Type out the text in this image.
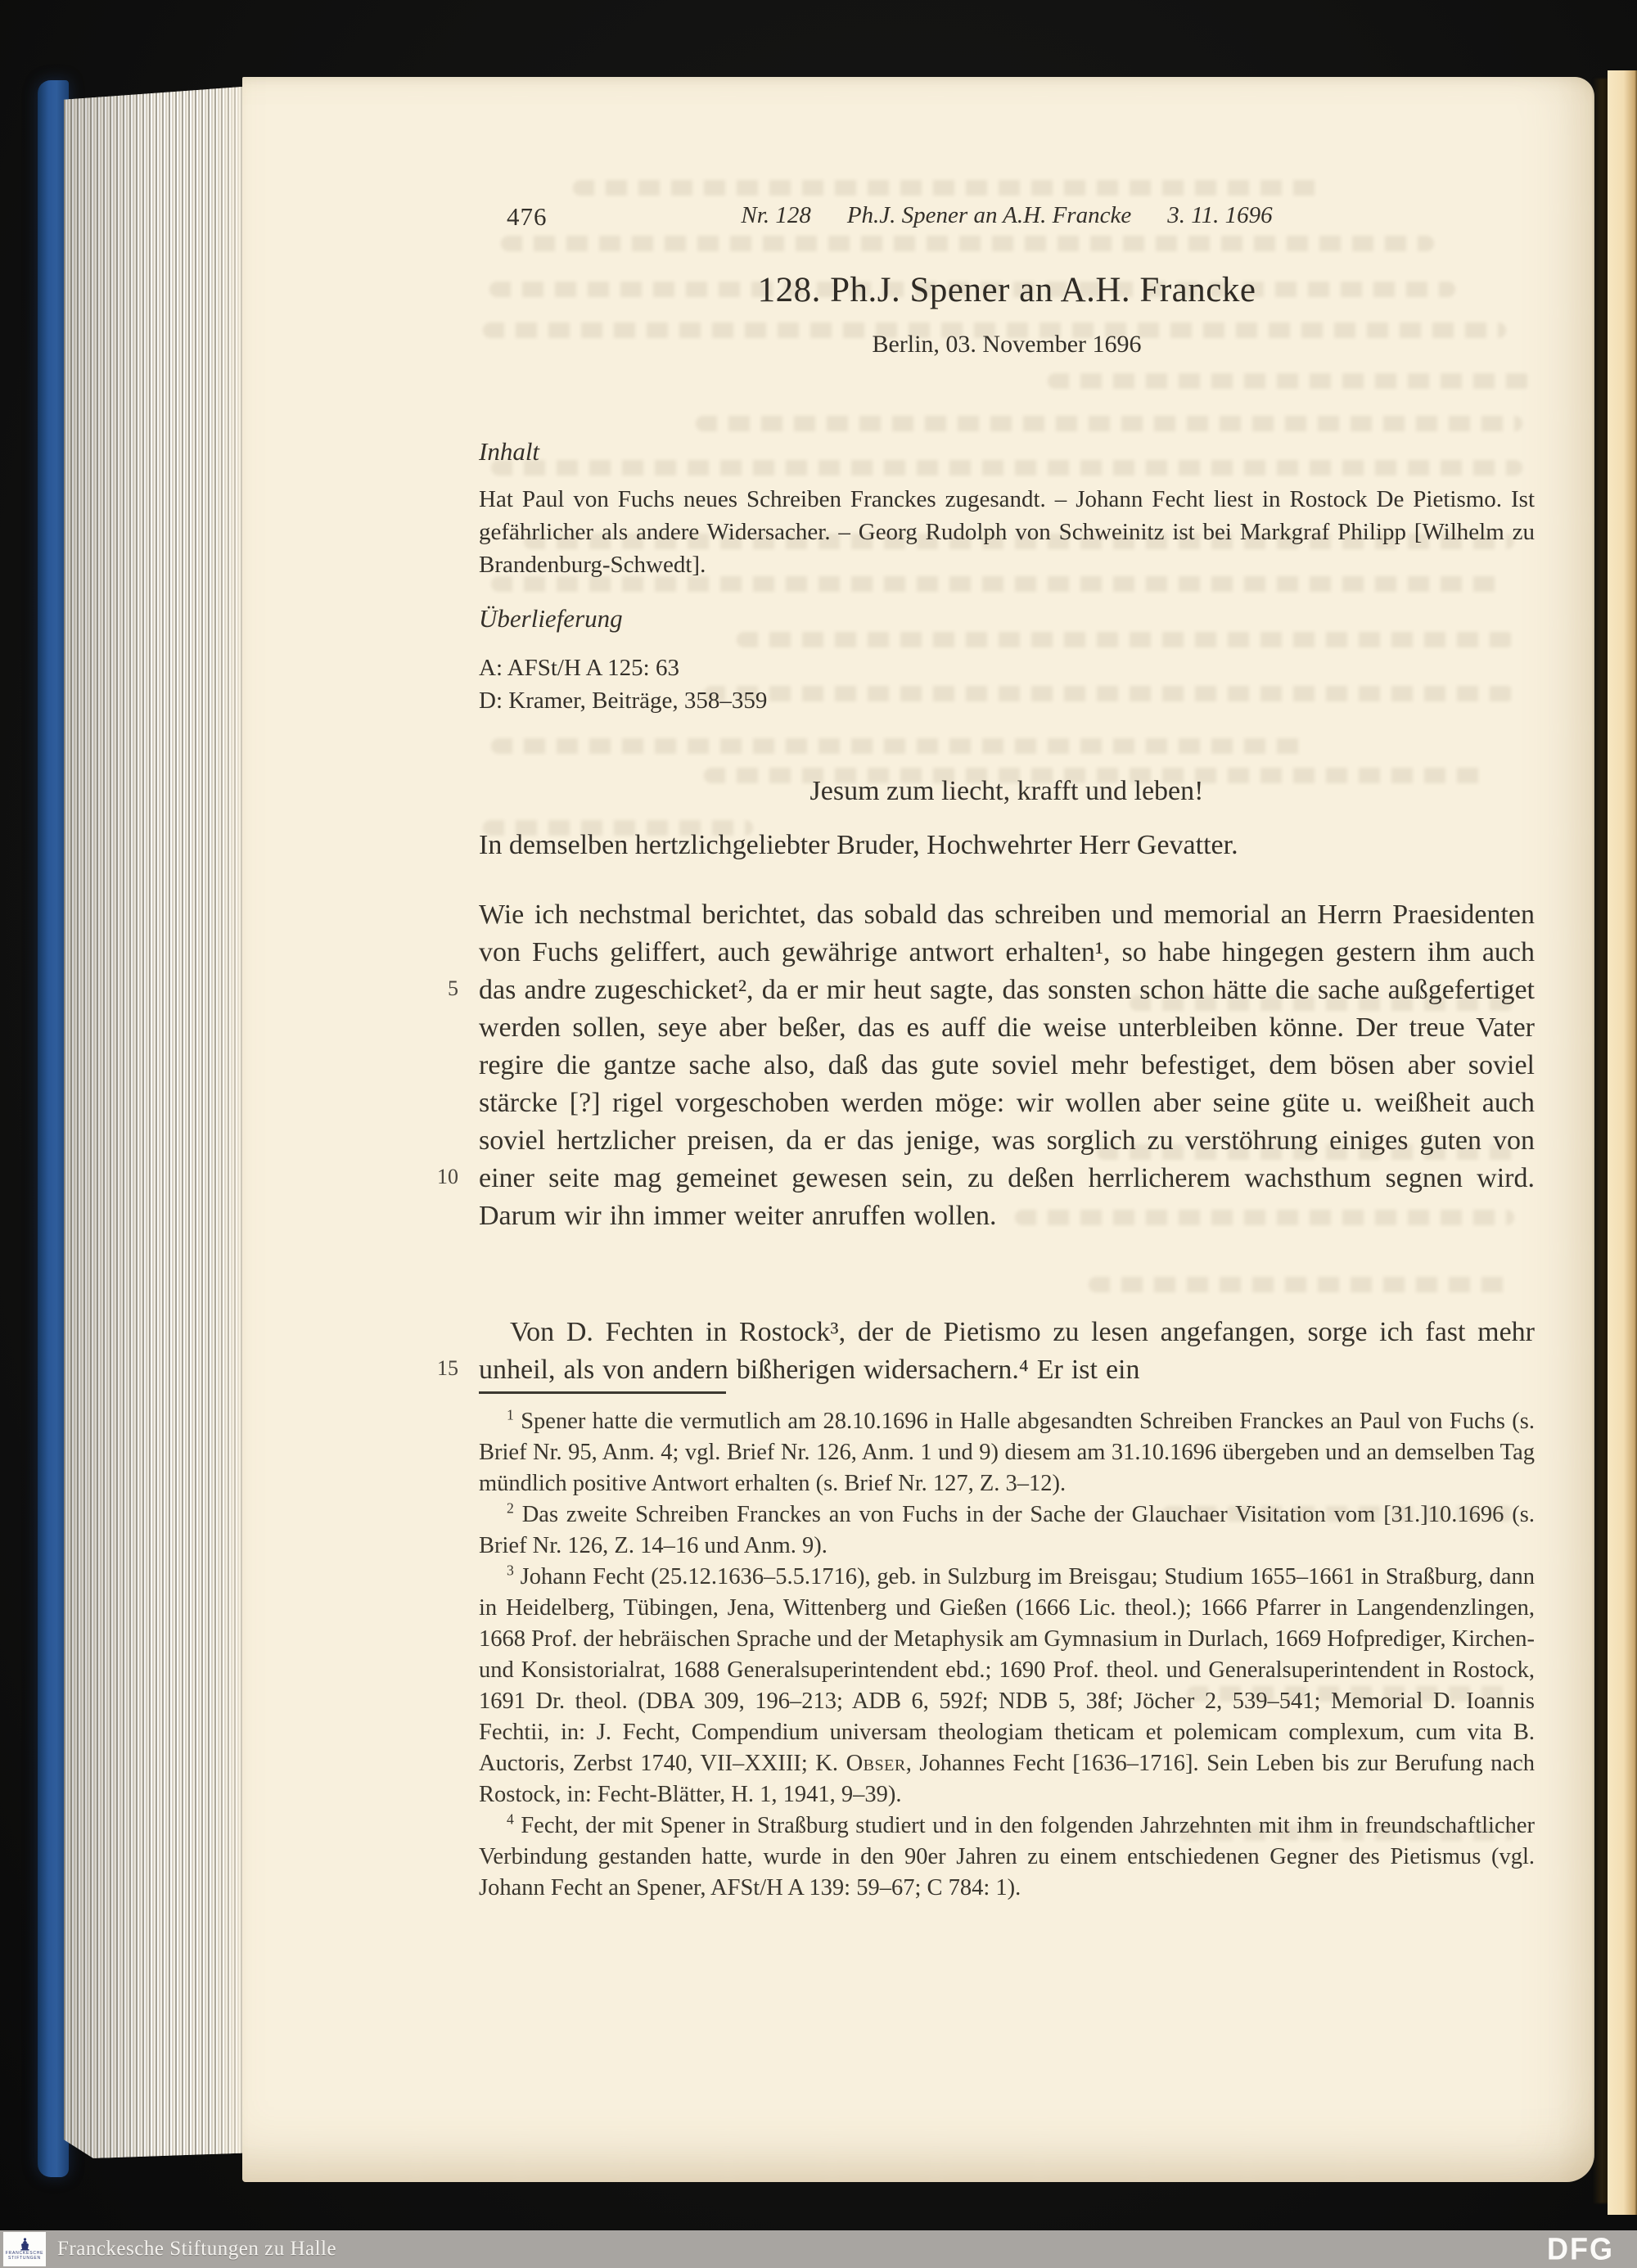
476	Nr. 128 Ph.J. Spener an A.H. Francke 3. 11. 1696
128. Ph.J. Spener an A.H. Francke
Berlin, 03. November 1696
Inhalt
Hat Paul von Fuchs neues Schreiben Franckes zugesandt. – Johann Fecht liest in Rostock De Pietismo. Ist gefährlicher als andere Widersacher. – Georg Rudolph von Schweinitz ist bei Markgraf Philipp [Wilhelm zu Brandenburg-Schwedt].
Überlieferung
A: AFSt/H A 125: 63
D: Kramer, Beiträge, 358–359
Jesum zum liecht, krafft und leben!
In demselben hertzlichgeliebter Bruder, Hochwehrter Herr Gevatter.
Wie ich nechstmal berichtet, das sobald das schreiben und memorial an Herrn Praesidenten von Fuchs geliffert, auch gewährige antwort erhalten¹, so habe hingegen gestern ihm auch das andre zugeschicket², da er mir heut sagte, das sonsten schon hätte die sache außgefertiget werden sollen, seye aber beßer, das es auff die weise unterbleiben könne. Der treue Vater regire die gantze sache also, daß das gute soviel mehr befestiget, dem bösen aber soviel stärcke [?] rigel vorgeschoben werden möge: wir wollen aber seine güte u. weißheit auch soviel hertzlicher preisen, da er das jenige, was sorglich zu verstöhrung einiges guten von einer seite mag gemeinet gewesen sein, zu deßen herrlicherem wachsthum segnen wird. Darum wir ihn immer weiter anruffen wollen.
Von D. Fechten in Rostock³, der de Pietismo zu lesen angefangen, sorge ich fast mehr unheil, als von andern bißherigen widersachern.⁴ Er ist ein
5
10
15

$^1$ Spener hatte die vermutlich am 28.10.1696 in Halle abgesandten Schreiben Franckes an Paul von Fuchs (s. Brief Nr. 95, Anm. 4; vgl. Brief Nr. 126, Anm. 1 und 9) diesem am 31.10.1696 übergeben und an demselben Tag mündlich positive Antwort erhalten (s. Brief Nr. 127, Z. 3–12).

$^2$ Das zweite Schreiben Franckes an von Fuchs in der Sache der Glauchaer Visitation vom [31.]10.1696 (s. Brief Nr. 126, Z. 14–16 und Anm. 9).

$^3$ Johann Fecht (25.12.1636–5.5.1716), geb. in Sulzburg im Breisgau; Studium 1655–1661 in Straßburg, dann in Heidelberg, Tübingen, Jena, Wittenberg und Gießen (1666 Lic. theol.); 1666 Pfarrer in Langendenzlingen, 1668 Prof. der hebräischen Sprache und der Metaphysik am Gymnasium in Durlach, 1669 Hofprediger, Kirchen- und Konsistorialrat, 1688 Generalsuperintendent ebd.; 1690 Prof. theol. und Generalsuperintendent in Rostock, 1691 Dr. theol. (DBA 309, 196–213; ADB 6, 592f; NDB 5, 38f; Jöcher 2, 539–541; Memorial D. Ioannis Fechtii, in: J. Fecht, Compendium universam theologiam theticam et polemicam complexum, cum vita B. Auctoris, Zerbst 1740, VII–XXIII; K. Obser, Johannes Fecht [1636–1716]. Sein Leben bis zur Berufung nach Rostock, in: Fecht-Blätter, H. 1, 1941, 9–39).

$^4$ Fecht, der mit Spener in Straßburg studiert und in den folgenden Jahrzehnten mit ihm in freundschaftlicher Verbindung gestanden hatte, wurde in den 90er Jahren zu einem entschiedenen Gegner des Pietismus (vgl. Johann Fecht an Spener, AFSt/H A 139: 59–67; C 784: 1).

FRANCKESCHE
STIFTUNGEN Franckesche Stiftungen zu Halle	DFG
